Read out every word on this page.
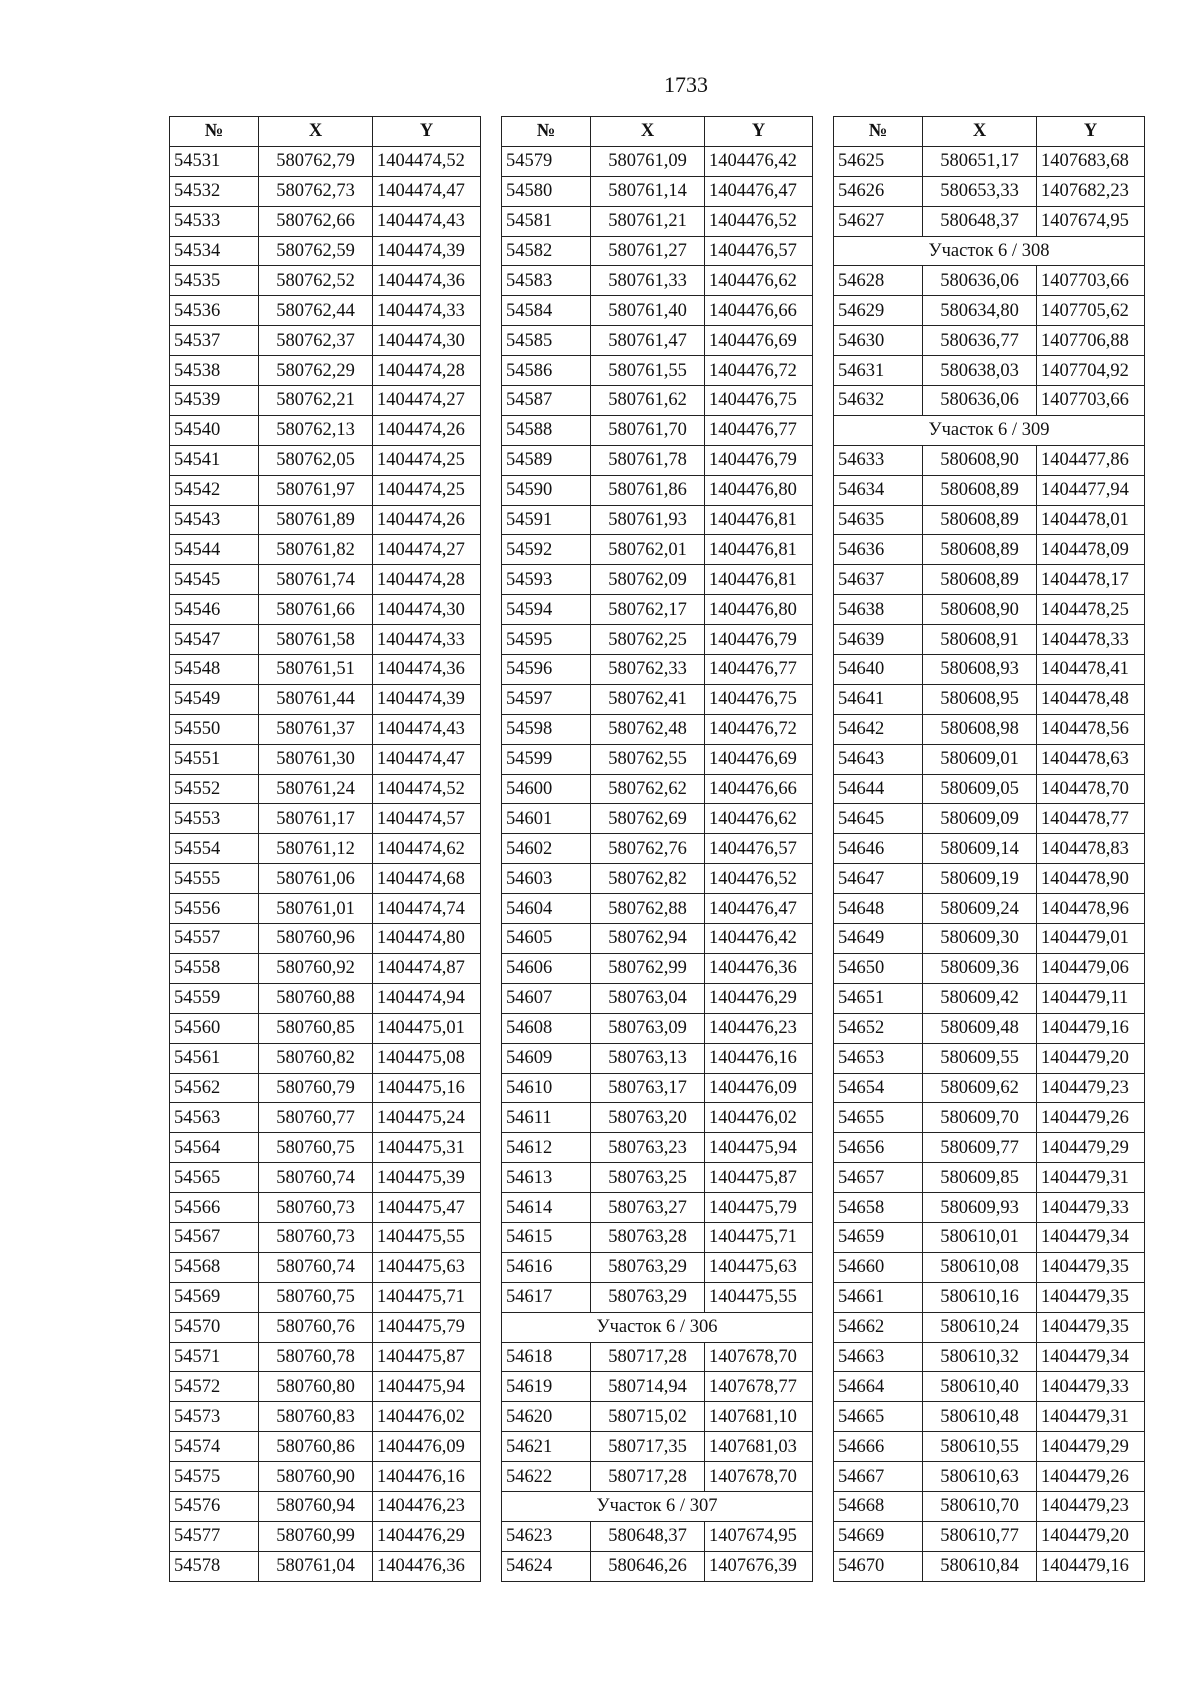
1733
№	X	Y
54531	580762,79	1404474,52
54532	580762,73	1404474,47
54533	580762,66	1404474,43
54534	580762,59	1404474,39
54535	580762,52	1404474,36
54536	580762,44	1404474,33
54537	580762,37	1404474,30
54538	580762,29	1404474,28
54539	580762,21	1404474,27
54540	580762,13	1404474,26
54541	580762,05	1404474,25
54542	580761,97	1404474,25
54543	580761,89	1404474,26
54544	580761,82	1404474,27
54545	580761,74	1404474,28
54546	580761,66	1404474,30
54547	580761,58	1404474,33
54548	580761,51	1404474,36
54549	580761,44	1404474,39
54550	580761,37	1404474,43
54551	580761,30	1404474,47
54552	580761,24	1404474,52
54553	580761,17	1404474,57
54554	580761,12	1404474,62
54555	580761,06	1404474,68
54556	580761,01	1404474,74
54557	580760,96	1404474,80
54558	580760,92	1404474,87
54559	580760,88	1404474,94
54560	580760,85	1404475,01
54561	580760,82	1404475,08
54562	580760,79	1404475,16
54563	580760,77	1404475,24
54564	580760,75	1404475,31
54565	580760,74	1404475,39
54566	580760,73	1404475,47
54567	580760,73	1404475,55
54568	580760,74	1404475,63
54569	580760,75	1404475,71
54570	580760,76	1404475,79
54571	580760,78	1404475,87
54572	580760,80	1404475,94
54573	580760,83	1404476,02
54574	580760,86	1404476,09
54575	580760,90	1404476,16
54576	580760,94	1404476,23
54577	580760,99	1404476,29
54578	580761,04	1404476,36
№	X	Y
54579	580761,09	1404476,42
54580	580761,14	1404476,47
54581	580761,21	1404476,52
54582	580761,27	1404476,57
54583	580761,33	1404476,62
54584	580761,40	1404476,66
54585	580761,47	1404476,69
54586	580761,55	1404476,72
54587	580761,62	1404476,75
54588	580761,70	1404476,77
54589	580761,78	1404476,79
54590	580761,86	1404476,80
54591	580761,93	1404476,81
54592	580762,01	1404476,81
54593	580762,09	1404476,81
54594	580762,17	1404476,80
54595	580762,25	1404476,79
54596	580762,33	1404476,77
54597	580762,41	1404476,75
54598	580762,48	1404476,72
54599	580762,55	1404476,69
54600	580762,62	1404476,66
54601	580762,69	1404476,62
54602	580762,76	1404476,57
54603	580762,82	1404476,52
54604	580762,88	1404476,47
54605	580762,94	1404476,42
54606	580762,99	1404476,36
54607	580763,04	1404476,29
54608	580763,09	1404476,23
54609	580763,13	1404476,16
54610	580763,17	1404476,09
54611	580763,20	1404476,02
54612	580763,23	1404475,94
54613	580763,25	1404475,87
54614	580763,27	1404475,79
54615	580763,28	1404475,71
54616	580763,29	1404475,63
54617	580763,29	1404475,55
Участок 6 / 306		
54618	580717,28	1407678,70
54619	580714,94	1407678,77
54620	580715,02	1407681,10
54621	580717,35	1407681,03
54622	580717,28	1407678,70
Участок 6 / 307		
54623	580648,37	1407674,95
54624	580646,26	1407676,39
№	X	Y
54625	580651,17	1407683,68
54626	580653,33	1407682,23
54627	580648,37	1407674,95
Участок 6 / 308		
54628	580636,06	1407703,66
54629	580634,80	1407705,62
54630	580636,77	1407706,88
54631	580638,03	1407704,92
54632	580636,06	1407703,66
Участок 6 / 309		
54633	580608,90	1404477,86
54634	580608,89	1404477,94
54635	580608,89	1404478,01
54636	580608,89	1404478,09
54637	580608,89	1404478,17
54638	580608,90	1404478,25
54639	580608,91	1404478,33
54640	580608,93	1404478,41
54641	580608,95	1404478,48
54642	580608,98	1404478,56
54643	580609,01	1404478,63
54644	580609,05	1404478,70
54645	580609,09	1404478,77
54646	580609,14	1404478,83
54647	580609,19	1404478,90
54648	580609,24	1404478,96
54649	580609,30	1404479,01
54650	580609,36	1404479,06
54651	580609,42	1404479,11
54652	580609,48	1404479,16
54653	580609,55	1404479,20
54654	580609,62	1404479,23
54655	580609,70	1404479,26
54656	580609,77	1404479,29
54657	580609,85	1404479,31
54658	580609,93	1404479,33
54659	580610,01	1404479,34
54660	580610,08	1404479,35
54661	580610,16	1404479,35
54662	580610,24	1404479,35
54663	580610,32	1404479,34
54664	580610,40	1404479,33
54665	580610,48	1404479,31
54666	580610,55	1404479,29
54667	580610,63	1404479,26
54668	580610,70	1404479,23
54669	580610,77	1404479,20
54670	580610,84	1404479,16
